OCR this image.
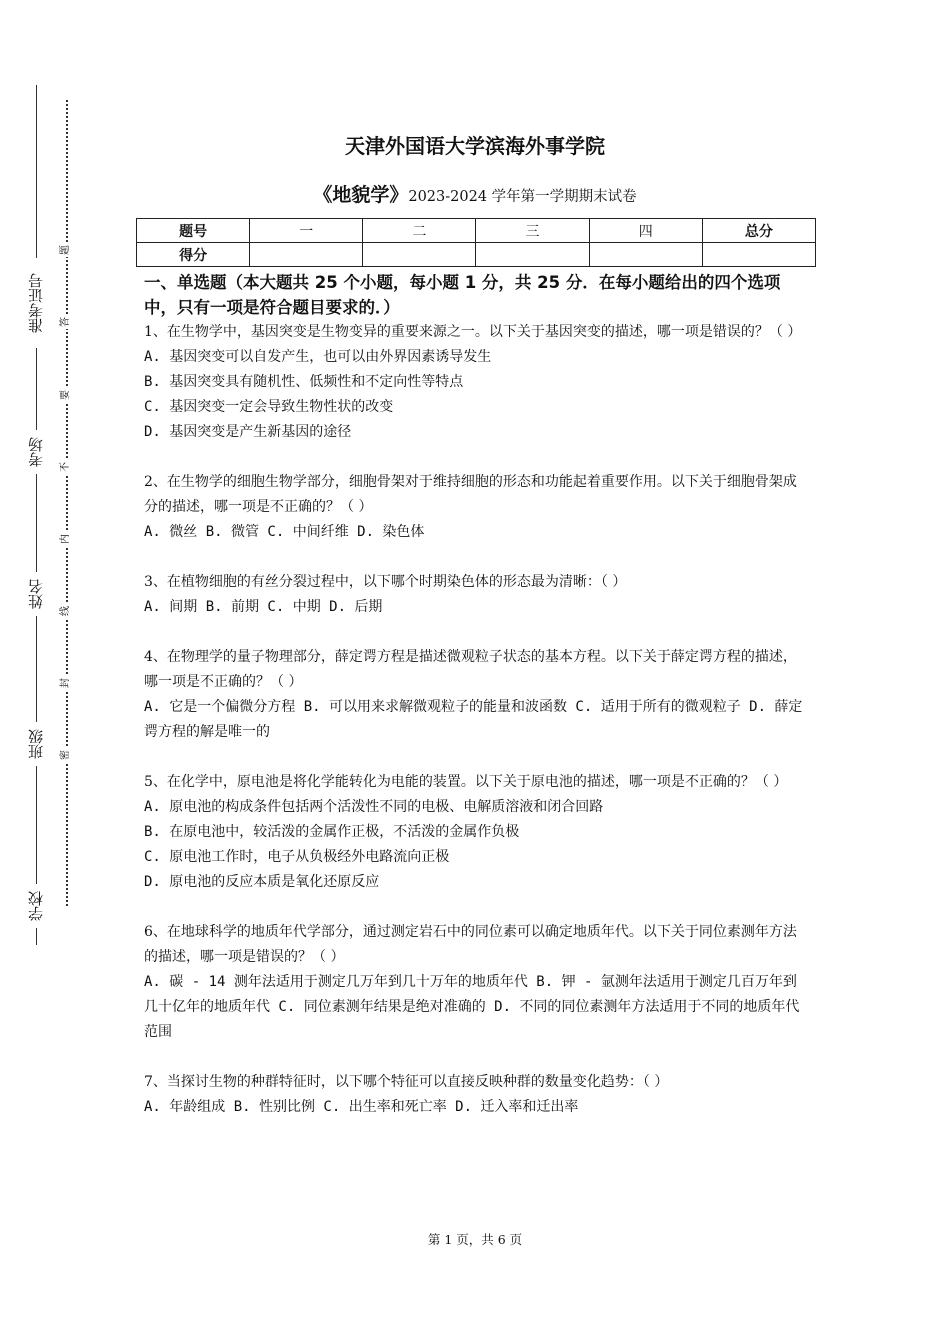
准考证号
考场
姓名
班级
学校
题
答
要
不
内
线
封
密
天津外国语大学滨海外事学院
《地貌学》2023-2024 学年第一学期期末试卷
题号	一	二	三	四	总分
得分					

一、单选题（本大题共 25 个小题，每小题 1 分，共 25 分．在每小题给出的四个选项中，只有一项是符合题目要求的．）

1、在生物学中，基因突变是生物变异的重要来源之一。以下关于基因突变的描述，哪一项是错误的？（ ）

A. 基因突变可以自发产生，也可以由外界因素诱导发生

B. 基因突变具有随机性、低频性和不定向性等特点

C. 基因突变一定会导致生物性状的改变

D. 基因突变是产生新基因的途径

2、在生物学的细胞生物学部分，细胞骨架对于维持细胞的形态和功能起着重要作用。以下关于细胞骨架成分的描述，哪一项是不正确的？（ ）

A. 微丝 B. 微管 C. 中间纤维 D. 染色体

3、在植物细胞的有丝分裂过程中，以下哪个时期染色体的形态最为清晰：（ ）

A. 间期 B. 前期 C. 中期 D. 后期

4、在物理学的量子物理部分，薛定谔方程是描述微观粒子状态的基本方程。以下关于薛定谔方程的描述，哪一项是不正确的？（ ）

A. 它是一个偏微分方程 B. 可以用来求解微观粒子的能量和波函数 C. 适用于所有的微观粒子 D. 薛定谔方程的解是唯一的

5、在化学中，原电池是将化学能转化为电能的装置。以下关于原电池的描述，哪一项是不正确的？（ ）

A. 原电池的构成条件包括两个活泼性不同的电极、电解质溶液和闭合回路

B. 在原电池中，较活泼的金属作正极，不活泼的金属作负极

C. 原电池工作时，电子从负极经外电路流向正极

D. 原电池的反应本质是氧化还原反应

6、在地球科学的地质年代学部分，通过测定岩石中的同位素可以确定地质年代。以下关于同位素测年方法的描述，哪一项是错误的？（ ）

A. 碳 - 14 测年法适用于测定几万年到几十万年的地质年代 B. 钾 - 氩测年法适用于测定几百万年到几十亿年的地质年代 C. 同位素测年结果是绝对准确的 D. 不同的同位素测年方法适用于不同的地质年代范围

7、当探讨生物的种群特征时，以下哪个特征可以直接反映种群的数量变化趋势：（ ）

A. 年龄组成 B. 性别比例 C. 出生率和死亡率 D. 迁入率和迁出率

第 1 页，共 6 页
